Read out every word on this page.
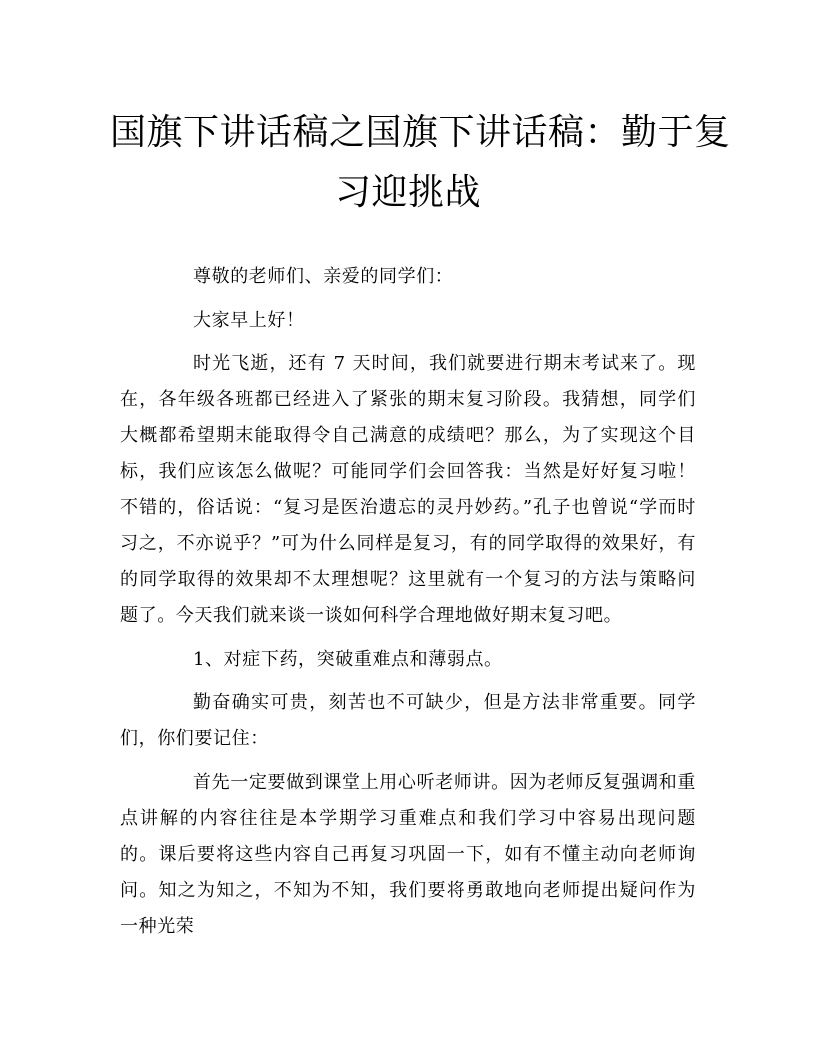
国旗下讲话稿之国旗下讲话稿：勤于复
习迎挑战

尊敬的老师们、亲爱的同学们：

大家早上好！

时光飞逝，还有 7 天时间，我们就要进行期末考试来了。现在，各年级各班都已经进入了紧张的期末复习阶段。我猜想，同学们大概都希望期末能取得令自己满意的成绩吧？那么，为了实现这个目标，我们应该怎么做呢？可能同学们会回答我：当然是好好复习啦！不错的，俗话说：“复习是医治遗忘的灵丹妙药。”孔子也曾说“学而时习之，不亦说乎？”可为什么同样是复习，有的同学取得的效果好，有的同学取得的效果却不太理想呢？这里就有一个复习的方法与策略问题了。今天我们就来谈一谈如何科学合理地做好期末复习吧。

1、对症下药，突破重难点和薄弱点。

勤奋确实可贵，刻苦也不可缺少，但是方法非常重要。同学们，你们要记住：

首先一定要做到课堂上用心听老师讲。因为老师反复强调和重点讲解的内容往往是本学期学习重难点和我们学习中容易出现问题的。课后要将这些内容自己再复习巩固一下，如有不懂主动向老师询问。知之为知之，不知为不知，我们要将勇敢地向老师提出疑问作为一种光荣
